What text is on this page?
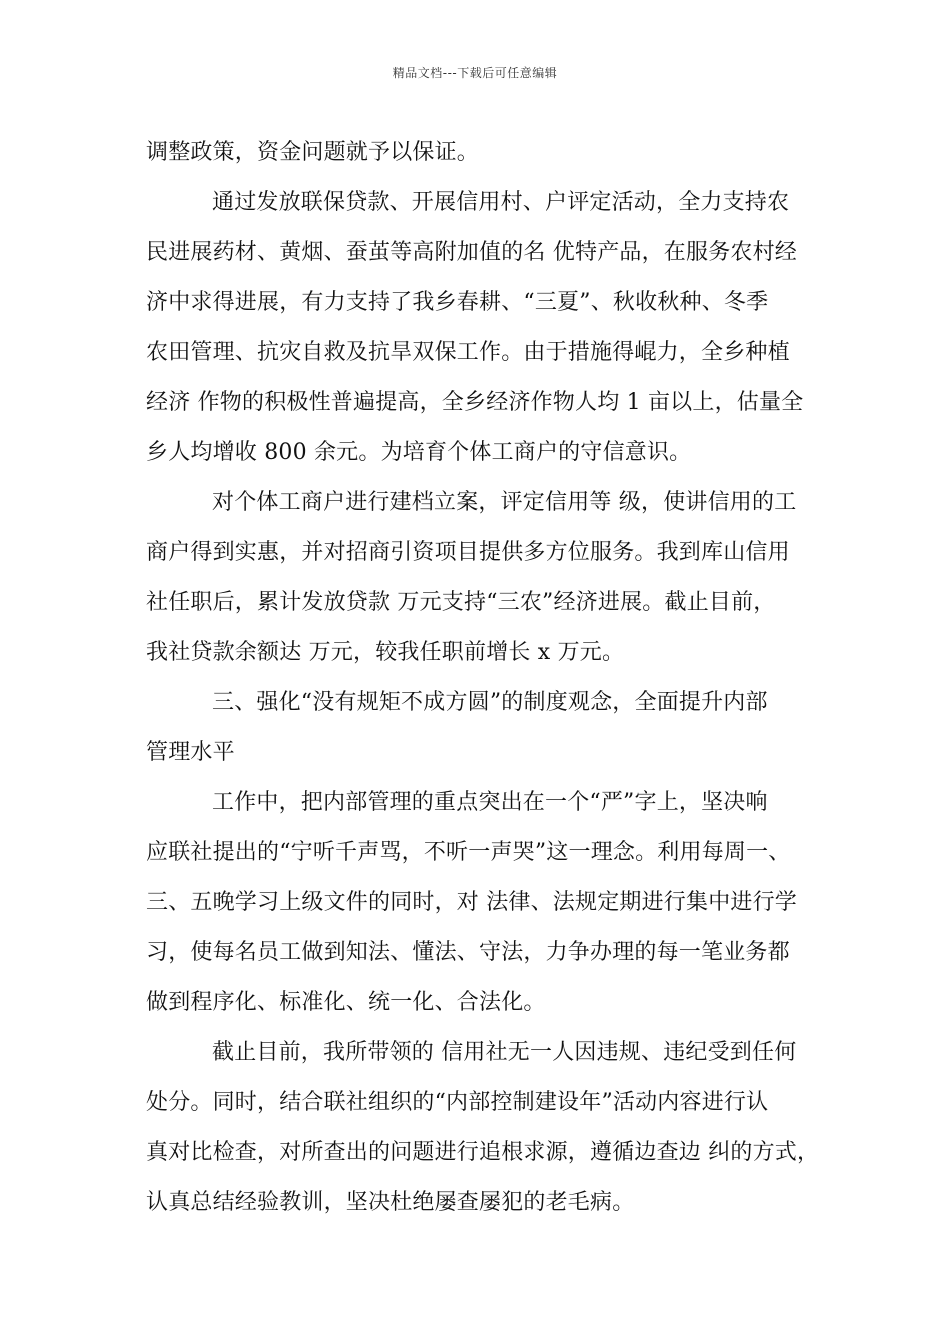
精品文档---下载后可任意编辑
调整政策，资金问题就予以保证。
通过发放联保贷款、开展信用村、户评定活动，全力支持农
民进展药材、黄烟、蚕茧等高附加值的名 优特产品，在服务农村经
济中求得进展，有力支持了我乡春耕、“三夏”、秋收秋种、冬季
农田管理、抗灾自救及抗旱双保工作。由于措施得崐力，全乡种植
经济 作物的积极性普遍提高，全乡经济作物人均 1 亩以上，估量全
乡人均增收 800 余元。为培育个体工商户的守信意识。
对个体工商户进行建档立案，评定信用等 级，使讲信用的工
商户得到实惠，并对招商引资项目提供多方位服务。我到库山信用
社任职后，累计发放贷款 万元支持“三农”经济进展。截止目前，
我社贷款余额达 万元，较我任职前增长 x 万元。
三、强化“没有规矩不成方圆”的制度观念，全面提升内部
管理水平
工作中，把内部管理的重点突出在一个“严”字上，坚决响
应联社提出的“宁听千声骂，不听一声哭”这一理念。利用每周一、
三、五晚学习上级文件的同时，对 法律、法规定期进行集中进行学
习，使每名员工做到知法、懂法、守法，力争办理的每一笔业务都
做到程序化、标准化、统一化、合法化。
截止目前，我所带领的 信用社无一人因违规、违纪受到任何
处分。同时，结合联社组织的“内部控制建设年”活动内容进行认
真对比检查，对所查出的问题进行追根求源，遵循边查边 纠的方式，
认真总结经验教训，坚决杜绝屡查屡犯的老毛病。
